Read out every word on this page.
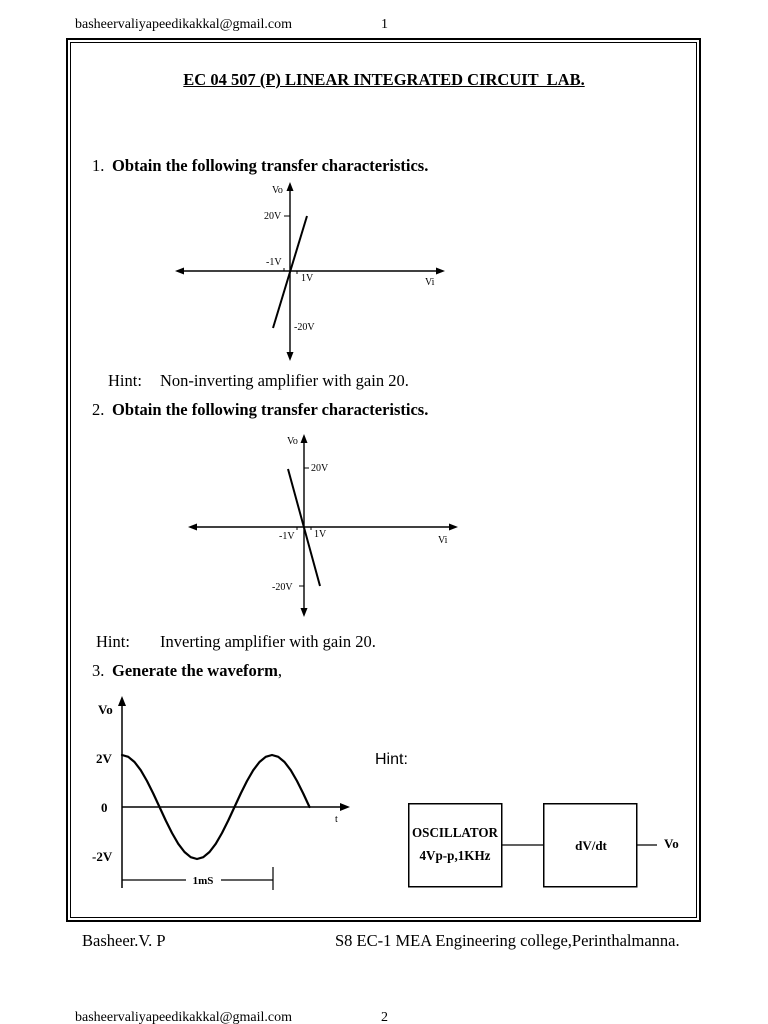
basheervaliyapeedikakkal@gmail.com	1
EC 04 507 (P) LINEAR INTEGRATED CIRCUIT  LAB.
1. Obtain the following transfer characteristics.
Vo
20V
-1V
1V	Vi
-20V
Hint: Non-inverting amplifier with gain 20.
2. Obtain the following transfer characteristics.
Vo
20V
-1V 1V
Vi
-20V
Hint: Inverting amplifier with gain 20.
3. Generate the waveform,
Vo
2V
0
-2V
t
1mS
Hint:
OSCILLATOR
4Vp-p,1KHz
dV/dt	Vo
Basheer.V. P	S8 EC-1 MEA Engineering college,Perinthalmanna.
basheervaliyapeedikakkal@gmail.com	2
